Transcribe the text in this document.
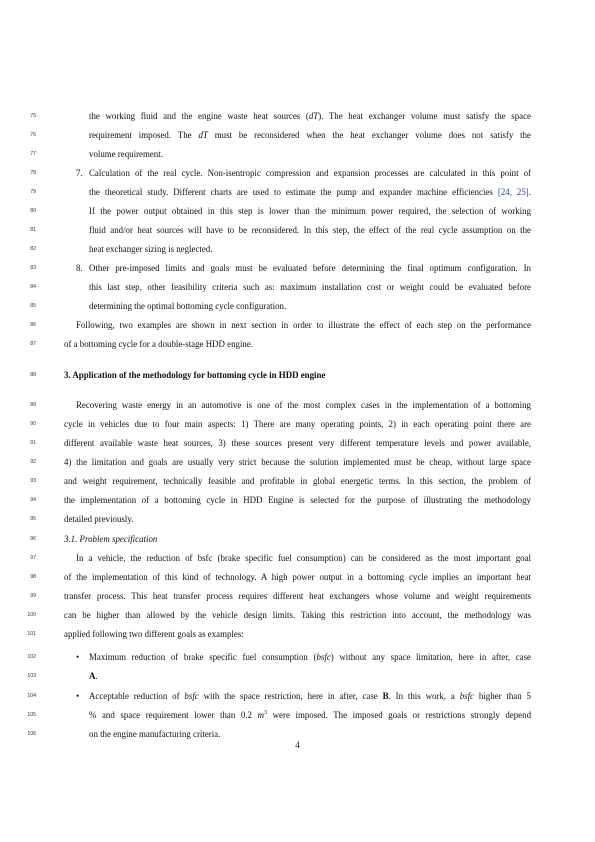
75
76
77
78
79
80
81
82
83
84
85
86
87
88
89
90
91
92
93
94
95
96
97
98
99
100
101
102
103
104
105
106
the working fluid and the engine waste heat sources (dT). The heat exchanger volume must satisfy the space
requirement imposed. The dT must be reconsidered when the heat exchanger volume does not satisfy the
volume requirement.
7. Calculation of the real cycle. Non-isentropic compression and expansion processes are calculated in this point of
the theoretical study. Different charts are used to estimate the pump and expander machine efficiencies [24, 25].
If the power output obtained in this step is lower than the minimum power required, the selection of working
fluid and/or heat sources will have to be reconsidered. In this step, the effect of the real cycle assumption on the
heat exchanger sizing is neglected.
8. Other pre-imposed limits and goals must be evaluated before determining the final optimum configuration. In
this last step, other feasibility criteria such as: maximum installation cost or weight could be evaluated before
determining the optimal bottoming cycle configuration.
Following, two examples are shown in next section in order to illustrate the effect of each step on the performance
of a bottoming cycle for a double-stage HDD engine.
3. Application of the methodology for bottoming cycle in HDD engine
Recovering waste energy in an automotive is one of the most complex cases in the implementation of a bottoming
cycle in vehicles due to four main aspects: 1) There are many operating points, 2) in each operating point there are
different available waste heat sources, 3) these sources present very different temperature levels and power available,
4) the limitation and goals are usually very strict because the solution implemented must be cheap, without large space
and weight requirement, technically feasible and profitable in global energetic terms. In this section, the problem of
the implementation of a bottoming cycle in HDD Engine is selected for the purpose of illustrating the methodology
detailed previously.
3.1. Problem specification
In a vehicle, the reduction of bsfc (brake specific fuel consumption) can be considered as the most important goal
of the implementation of this kind of technology. A high power output in a bottoming cycle implies an important heat
transfer process. This heat transfer process requires different heat exchangers whose volume and weight requirements
can be higher than allowed by the vehicle design limits. Taking this restriction into account, the methodology was
applied following two different goals as examples:
• Maximum reduction of brake specific fuel consumption (bsfc) without any space limitation, here in after, case
A.
• Acceptable reduction of bsfc with the space restriction, here in after, case B. In this work, a bsfc higher than 5
% and space requirement lower than 0.2 $m^3$ were imposed. The imposed goals or restrictions strongly depend
on the engine manufacturing criteria.
4
